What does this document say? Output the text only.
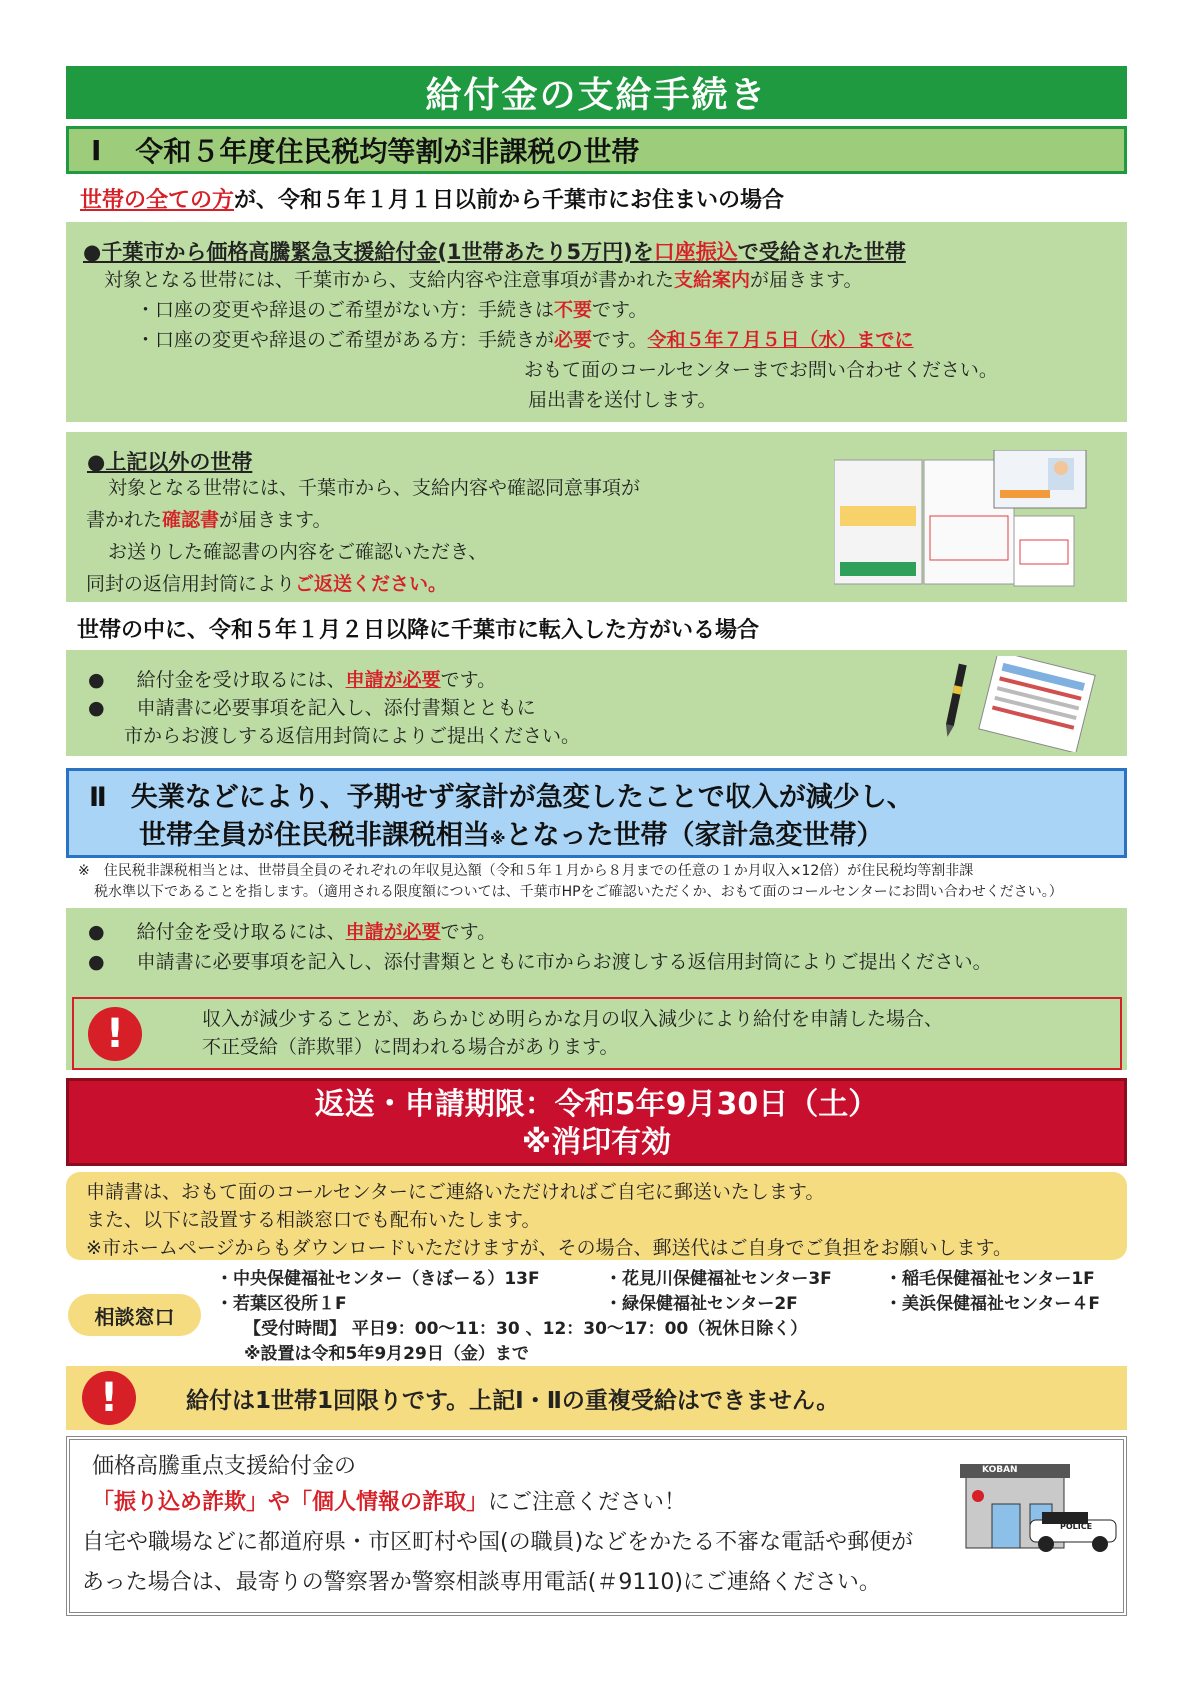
給付金の支給手続き
Ⅰ 令和５年度住民税均等割が非課税の世帯
世帯の全ての方が、令和５年１月１日以前から千葉市にお住まいの場合
●千葉市から価格高騰緊急支援給付金(1世帯あたり5万円)を口座振込で受給された世帯
対象となる世帯には、千葉市から、支給内容や注意事項が書かれた支給案内が届きます。
・口座の変更や辞退のご希望がない方：手続きは不要です。
・口座の変更や辞退のご希望がある方：手続きが必要です。令和５年７月５日（水）までに
おもて面のコールセンターまでお問い合わせください。
届出書を送付します。
●上記以外の世帯
対象となる世帯には、千葉市から、支給内容や確認同意事項が
書かれた確認書が届きます。
お送りした確認書の内容をご確認いただき、
同封の返信用封筒によりご返送ください。
世帯の中に、令和５年１月２日以降に千葉市に転入した方がいる場合
● 給付金を受け取るには、申請が必要です。
● 申請書に必要事項を記入し、添付書類とともに
市からお渡しする返信用封筒によりご提出ください。
Ⅱ 失業などにより、予期せず家計が急変したことで収入が減少し、
世帯全員が住民税非課税相当※となった世帯（家計急変世帯）
※　住民税非課税相当とは、世帯員全員のそれぞれの年収見込額（令和５年１月から８月までの任意の１か月収入×12倍）が住民税均等割非課
税水準以下であることを指します。（適用される限度額については、千葉市HPをご確認いただくか、おもて面のコールセンターにお問い合わせください。）
● 給付金を受け取るには、申請が必要です。
● 申請書に必要事項を記入し、添付書類とともに市からお渡しする返信用封筒によりご提出ください。
!	収入が減少することが、あらかじめ明らかな月の収入減少により給付を申請した場合、
不正受給（詐欺罪）に問われる場合があります。
返送・申請期限：令和5年9月30日（土）
※消印有効
申請書は、おもて面のコールセンターにご連絡いただければご自宅に郵送いたします。
また、以下に設置する相談窓口でも配布いたします。
※市ホームページからもダウンロードいただけますが、その場合、郵送代はご自身でご負担をお願いします。
相談窓口
・中央保健福祉センター（きぼーる）13F	・花見川保健福祉センター3F	・稲毛保健福祉センター1F
・若葉区役所１F	・緑保健福祉センター2F	・美浜保健福祉センター４F
【受付時間】 平日9：00～11：30 、12：30～17：00（祝休日除く）
※設置は令和5年9月29日（金）まで
!	給付は1世帯1回限りです。上記Ⅰ・Ⅱの重複受給はできません。
価格高騰重点支援給付金の
「振り込め詐欺」や「個人情報の詐取」にご注意ください！
自宅や職場などに都道府県・市区町村や国(の職員)などをかたる不審な電話や郵便が
あった場合は、最寄りの警察署か警察相談専用電話(＃9110)にご連絡ください。
KOBAN
POLICE
